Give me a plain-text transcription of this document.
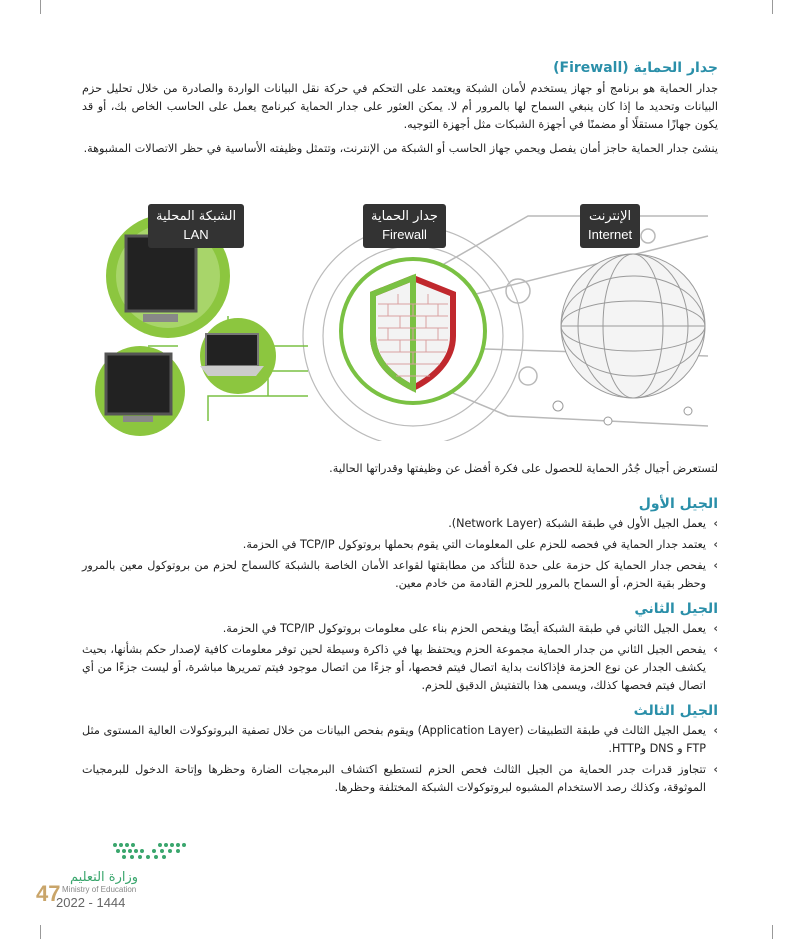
جدار الحماية (Firewall)

جدار الحماية هو برنامج أو جهاز يستخدم لأمان الشبكة ويعتمد على التحكم في حركة نقل البيانات الواردة والصادرة من خلال تحليل حزم البيانات وتحديد ما إذا كان ينبغي السماح لها بالمرور أم لا. يمكن العثور على جدار الحماية كبرنامج يعمل على الحاسب الخاص بك، أو قد يكون جهازًا مستقلًا أو مضمنًا في أجهزة الشبكات مثل أجهزة التوجيه.

ينشئ جدار الحماية حاجز أمان يفصل ويحمي جهاز الحاسب أو الشبكة من الإنترنت، وتتمثل وظيفته الأساسية في حظر الاتصالات المشبوهة.

الشبكة المحلية
LAN
جدار الحماية
Firewall
الإنترنت
Internet

لتستعرض أجيال جُدُر الحماية للحصول على فكرة أفضل عن وظيفتها وقدراتها الحالية.

الجيل الأول
› يعمل الجيل الأول في طبقة الشبكة (Network Layer).
› يعتمد جدار الحماية في فحصه للحزم على المعلومات التي يقوم بحملها بروتوكول TCP/IP في الحزمة.
› يفحص جدار الحماية كل حزمة على حدة للتأكد من مطابقتها لقواعد الأمان الخاصة بالشبكة كالسماح لحزم من بروتوكول معين بالمرور وحظر بقية الحزم، أو السماح بالمرور للحزم القادمة من خادم معين.
الجيل الثاني
› يعمل الجيل الثاني في طبقة الشبكة أيضًا ويفحص الحزم بناء على معلومات بروتوكول TCP/IP في الحزمة.
› يفحص الجيل الثاني من جدار الحماية مجموعة الحزم ويحتفظ بها في ذاكرة وسيطة لحين توفر معلومات كافية لإصدار حكم بشأنها، بحيث يكشف الجدار عن نوع الحزمة فإذاكانت بداية اتصال فيتم فحصها، أو جزءًا من اتصال موجود فيتم تمريرها مباشرة، أو ليست جزءًا من أي اتصال فيتم فحصها كذلك، ويسمى هذا بالتفتيش الدقيق للحزم.
الجيل الثالث
› يعمل الجيل الثالث في طبقة التطبيقات (Application Layer) ويقوم بفحص البيانات من خلال تصفية البروتوكولات العالية المستوى مثل FTP و DNS وHTTP.
› تتجاوز قدرات جدر الحماية من الجيل الثالث فحص الحزم لتستطيع اكتشاف البرمجيات الضارة وحظرها وإتاحة الدخول للبرمجيات الموثوقة، وكذلك رصد الاستخدام المشبوه لبروتوكولات الشبكة المختلفة وحظرها.
وزارة التعليم
47 Ministry of Education
2022 - 1444
